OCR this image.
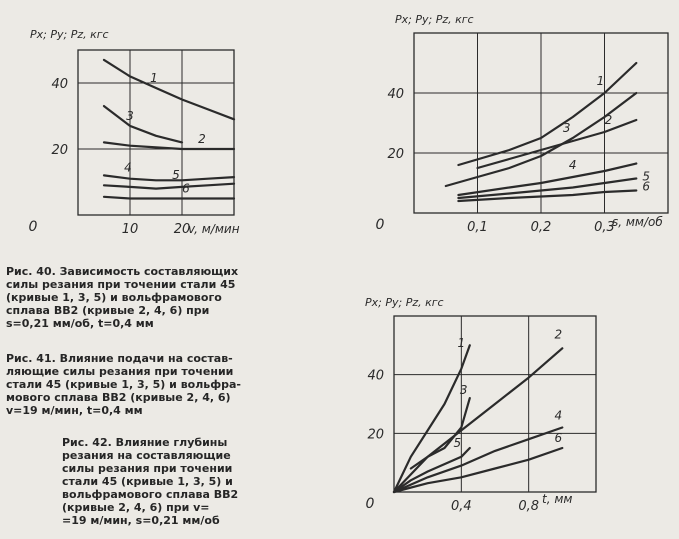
0	10	20
20
40
Px; Py; Pz, кгс
v, м/мин
1
2
3
4
5
6
0	0,1	0,2	0,3
20
40
Px; Py; Pz, кгс
s, мм/об
1
2
3
4
5
6
0	0,4	0,8
20
40
Px; Py; Pz, кгс
t, мм
1
2
3
4
5	6
Рис. 40. Зависимость составляющих
силы резания при точении стали 45
(кривые 1, 3, 5) и вольфрамового
сплава ВВ2 (кривые 2, 4, 6) при
s=0,21 мм/об, t=0,4 мм
Рис. 41. Влияние подачи на состав-
ляющие силы резания при точении
стали 45 (кривые 1, 3, 5) и вольфра-
мового сплава ВВ2 (кривые 2, 4, 6)
v=19 м/мин, t=0,4 мм
Рис. 42. Влияние глубины
резания на составляющие
силы резания при точении
стали 45 (кривые 1, 3, 5) и
вольфрамового сплава ВВ2
(кривые 2, 4, 6) при v=
=19 м/мин, s=0,21 мм/об
